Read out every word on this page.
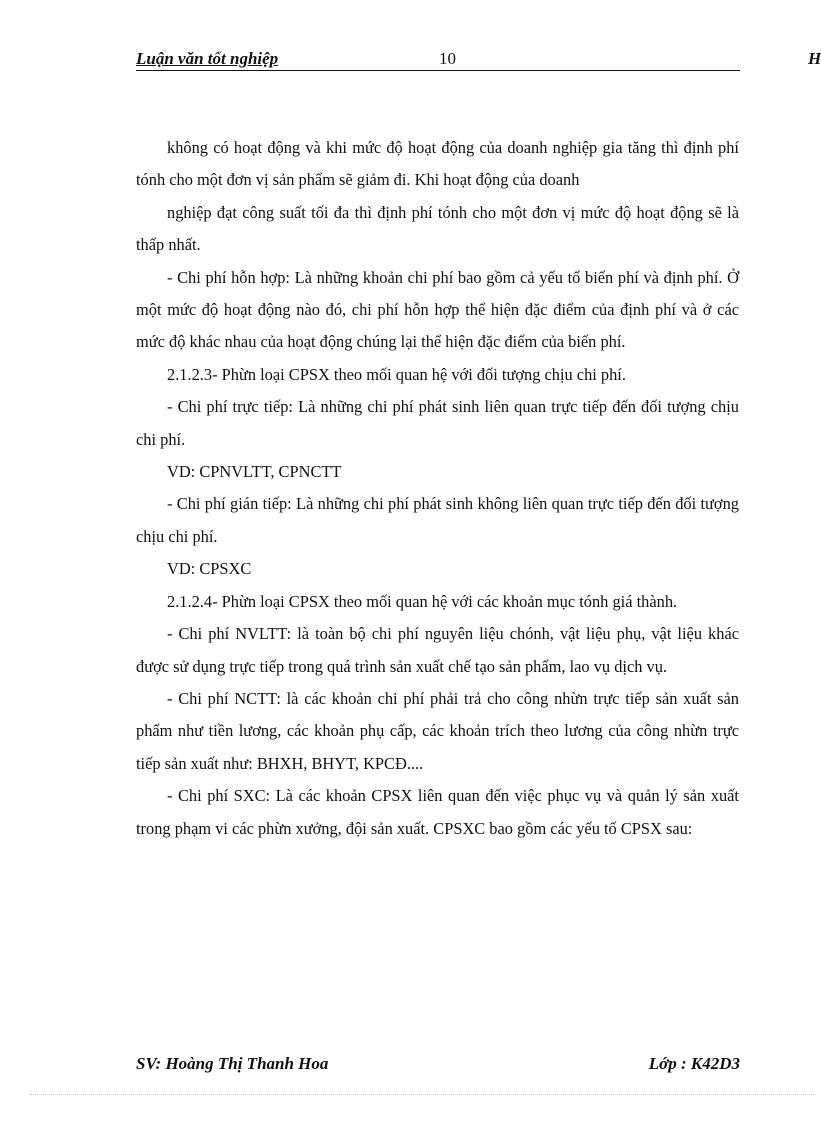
Luận văn tốt nghiệp	10	H

không có hoạt động và khi mức độ hoạt động của doanh nghiệp gia tăng thì định phí tónh cho một đơn vị sản phẩm sẽ giảm đi. Khi hoạt động của doanh

nghiệp đạt công suất tối đa thì định phí tónh cho một đơn vị mức độ hoạt động sẽ là thấp nhất.

- Chi phí hỗn hợp: Là những khoản chi phí bao gồm cả yếu tố biến phí và định phí. Ở một mức độ hoạt động nào đó, chi phí hỗn hợp thể hiện đặc điểm của định phí và ở các mức độ khác nhau của hoạt động chúng lại thể hiện đặc điểm của biến phí.

2.1.2.3- Phừn loại CPSX theo mối quan hệ với đối tượng chịu chi phí.

- Chi phí trực tiếp: Là những chi phí phát sinh liên quan trực tiếp đến đối tượng chịu chi phí.

VD: CPNVLTT, CPNCTT

- Chi phí gián tiếp: Là những chi phí phát sinh không liên quan trực tiếp đến đối tượng chịu chi phí.

VD: CPSXC

2.1.2.4- Phừn loại CPSX theo mối quan hệ với các khoản mục tónh giá thành.

- Chi phí NVLTT: là toàn bộ chi phí nguyên liệu chónh, vật liệu phụ, vật liệu khác được sử dụng trực tiếp trong quá trình sản xuất chế tạo sản phẩm, lao vụ dịch vụ.

- Chi phí NCTT: là các khoản chi phí phải trả cho công nhừn trực tiếp sản xuất sản phẩm như tiền lương, các khoản phụ cấp, các khoản trích theo lương của công nhừn trực tiếp sản xuất như: BHXH, BHYT, KPCĐ....

- Chi phí SXC: Là các khoản CPSX liên quan đến việc phục vụ và quản lý sản xuất trong phạm vi các phừn xưởng, đội sản xuất. CPSXC bao gồm các yếu tố CPSX sau:

SV: Hoàng Thị Thanh Hoa	Lớp : K42D3
